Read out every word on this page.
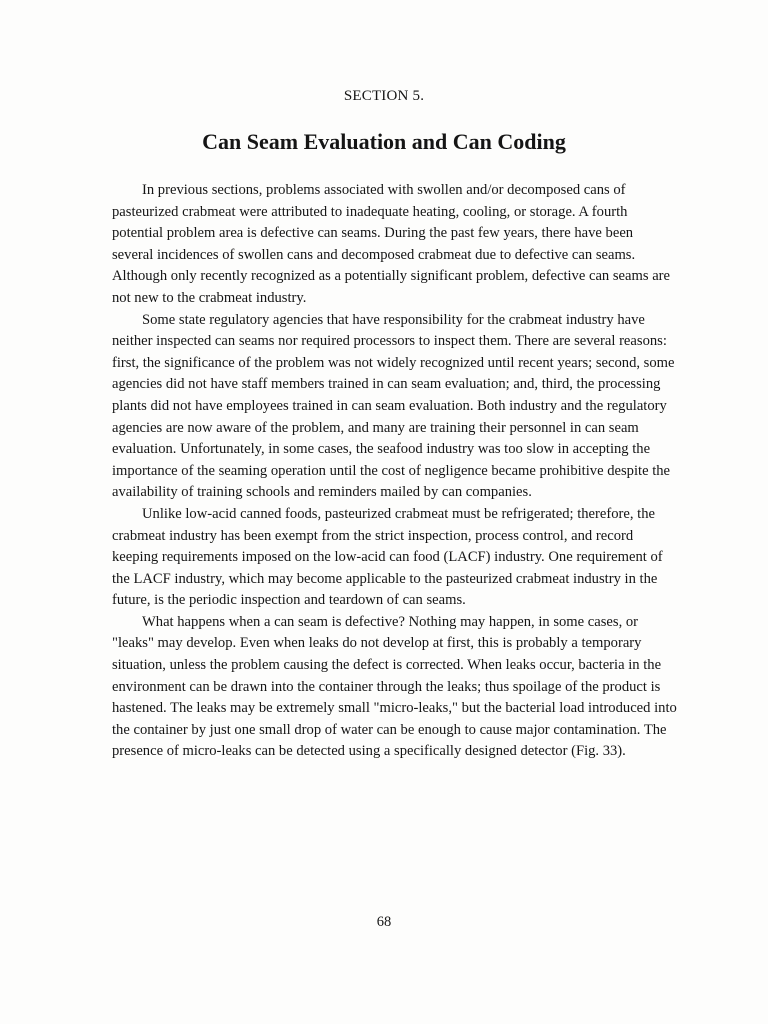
SECTION 5.
Can Seam Evaluation and Can Coding

In previous sections, problems associated with swollen and/or decomposed cans of pasteurized crabmeat were attributed to inadequate heating, cooling, or storage. A fourth potential problem area is defective can seams. During the past few years, there have been several incidences of swollen cans and decomposed crabmeat due to defective can seams. Although only recently recognized as a potentially significant problem, defective can seams are not new to the crabmeat industry.

Some state regulatory agencies that have responsibility for the crabmeat industry have neither inspected can seams nor required processors to inspect them. There are several reasons: first, the significance of the problem was not widely recognized until recent years; second, some agencies did not have staff members trained in can seam evaluation; and, third, the processing plants did not have employees trained in can seam evaluation. Both industry and the regulatory agencies are now aware of the problem, and many are training their personnel in can seam evaluation. Unfortunately, in some cases, the seafood industry was too slow in accepting the importance of the seaming operation until the cost of negligence became prohibitive despite the availability of training schools and reminders mailed by can companies.

Unlike low-acid canned foods, pasteurized crabmeat must be refrigerated; therefore, the crabmeat industry has been exempt from the strict inspection, process control, and record keeping requirements imposed on the low-acid can food (LACF) industry. One requirement of the LACF industry, which may become applicable to the pasteurized crabmeat industry in the future, is the periodic inspection and teardown of can seams.

What happens when a can seam is defective? Nothing may happen, in some cases, or "leaks" may develop. Even when leaks do not develop at first, this is probably a temporary situation, unless the problem causing the defect is corrected. When leaks occur, bacteria in the environment can be drawn into the container through the leaks; thus spoilage of the product is hastened. The leaks may be extremely small "micro-leaks," but the bacterial load introduced into the container by just one small drop of water can be enough to cause major contamination. The presence of micro-leaks can be detected using a specifically designed detector (Fig. 33).

68
